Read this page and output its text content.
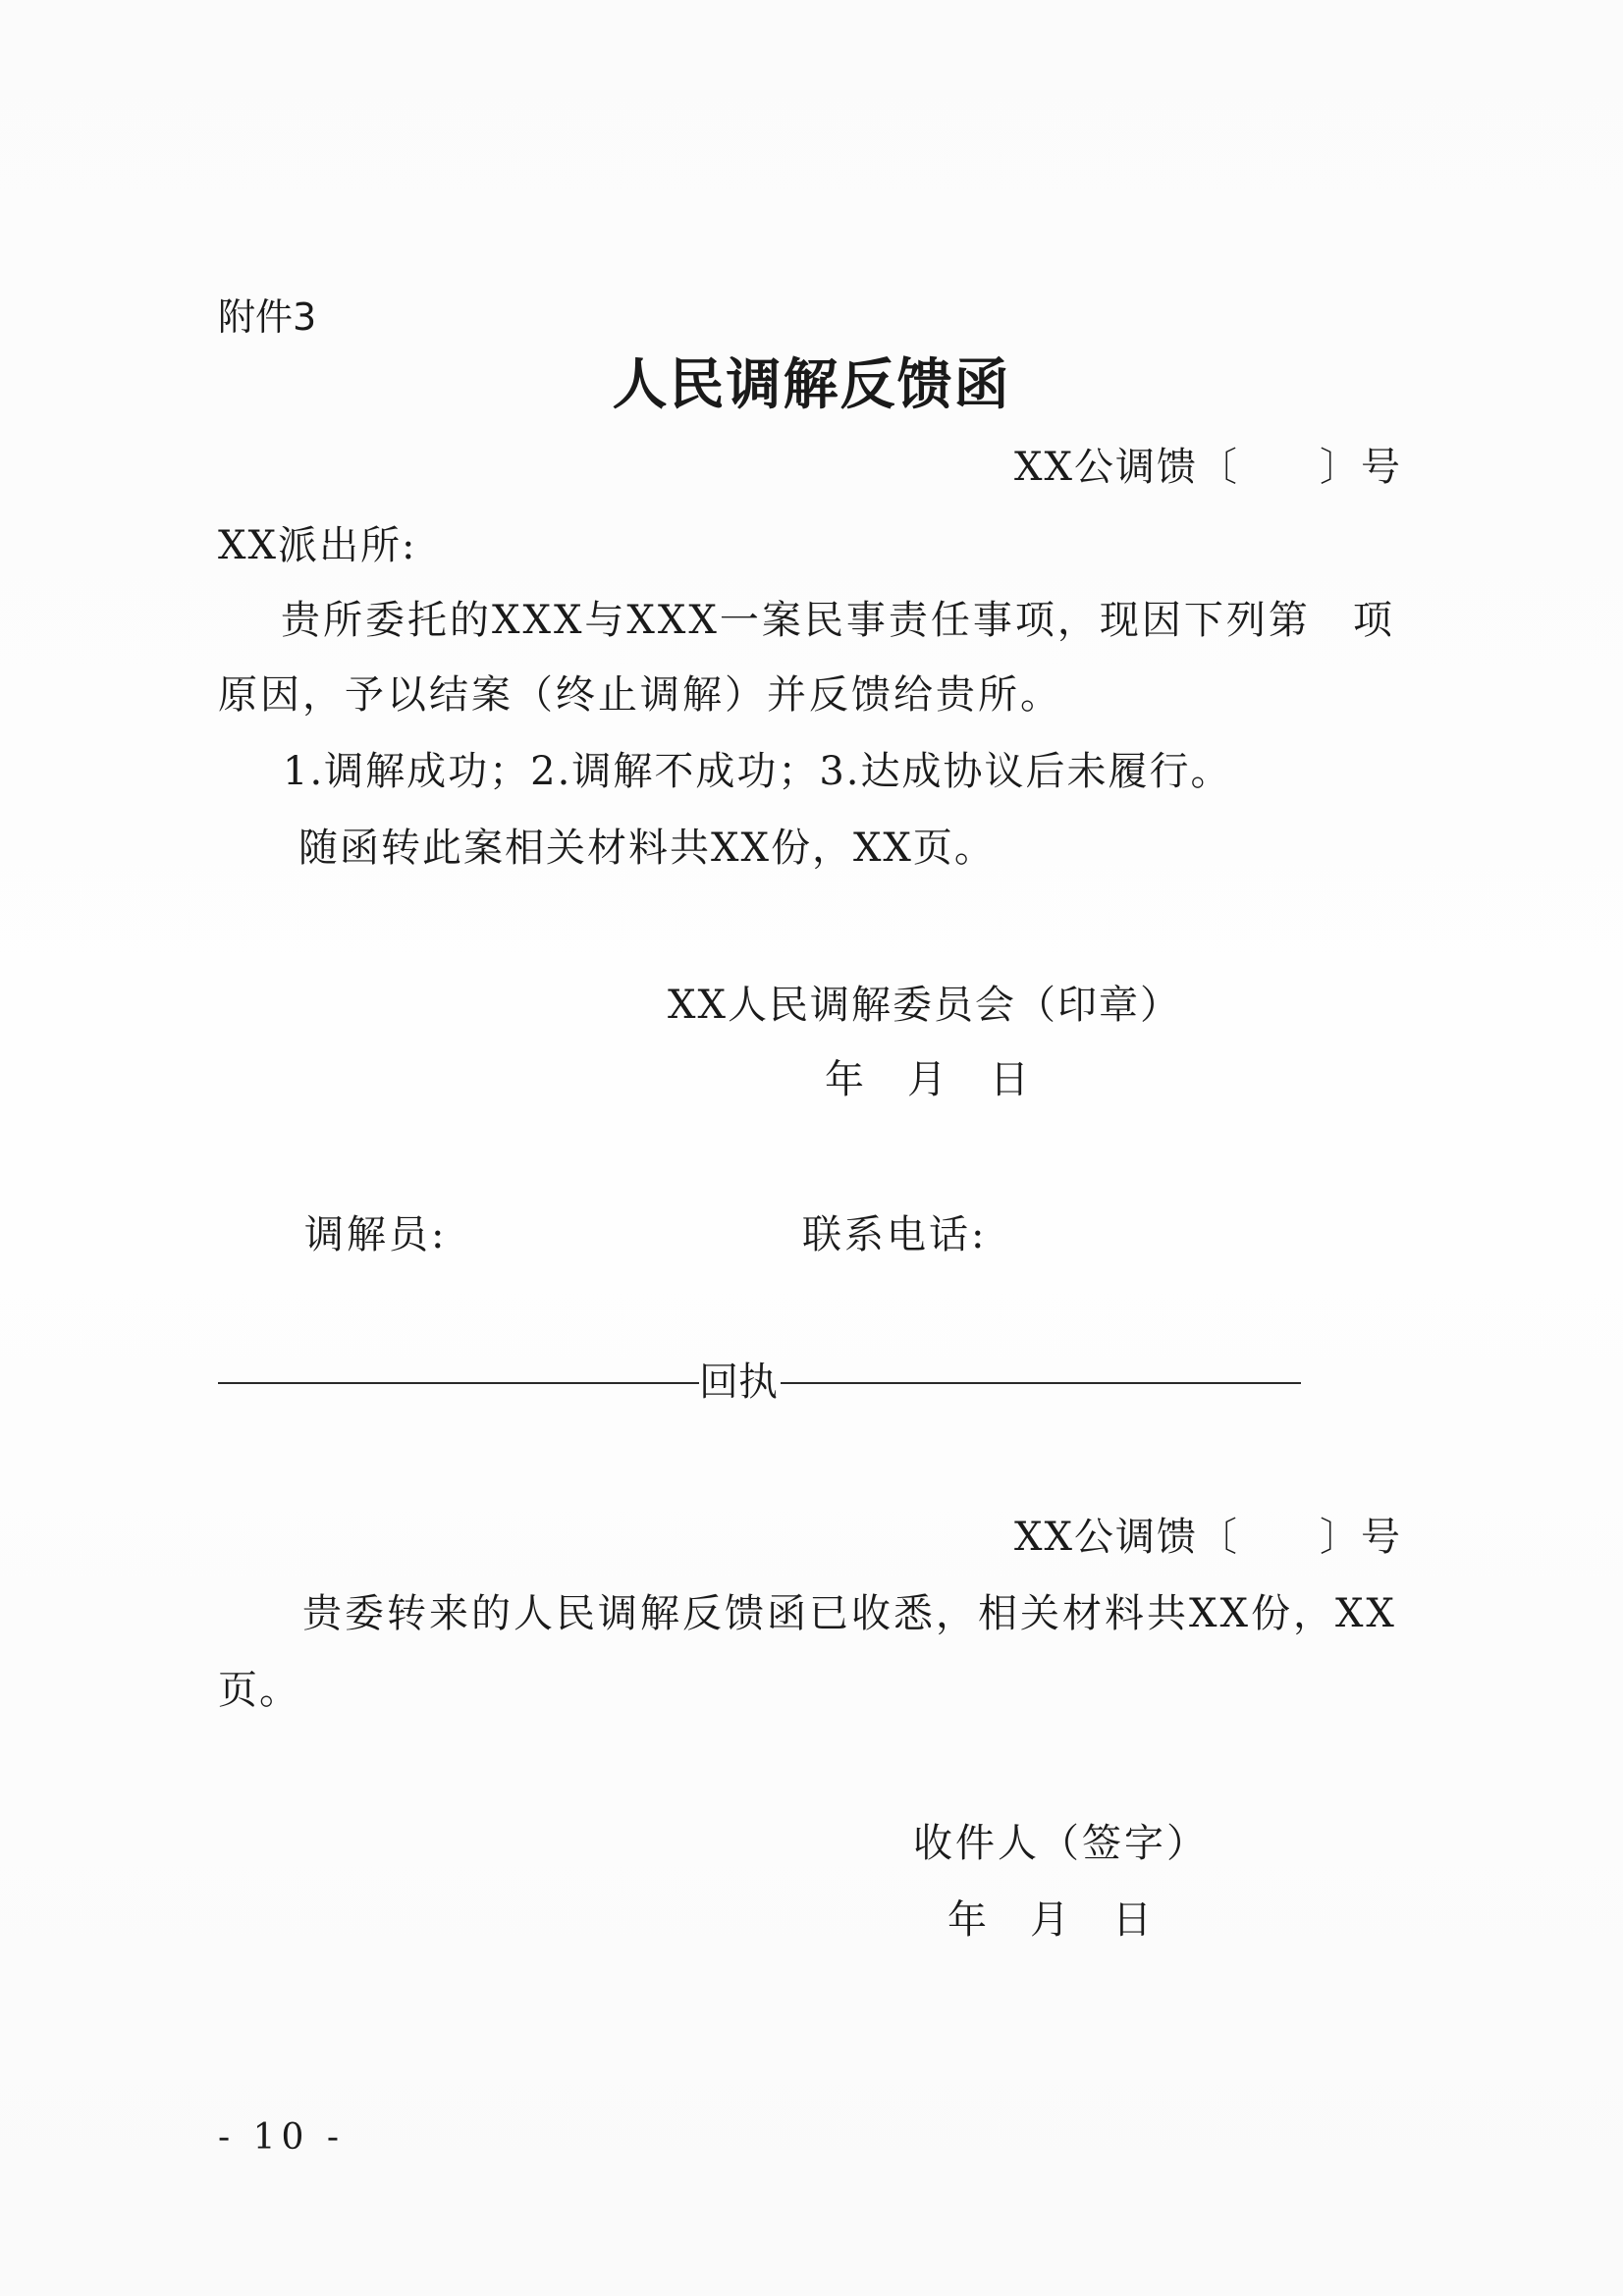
附件3
人民调解反馈函
XX公调馈〔 〕号
XX派出所:
贵所委托的XXX与XXX一案民事责任事项，现因下列第　项
原因，予以结案（终止调解）并反馈给贵所。
1.调解成功；2.调解不成功；3.达成协议后未履行。
随函转此案相关材料共XX份，XX页。
XX人民调解委员会（印章）
年　月　日
调解员:	联系电话:
回执
XX公调馈〔 〕号
贵委转来的人民调解反馈函已收悉，相关材料共XX份，XX
页。
收件人（签字）
年　月　日
- 10 -
